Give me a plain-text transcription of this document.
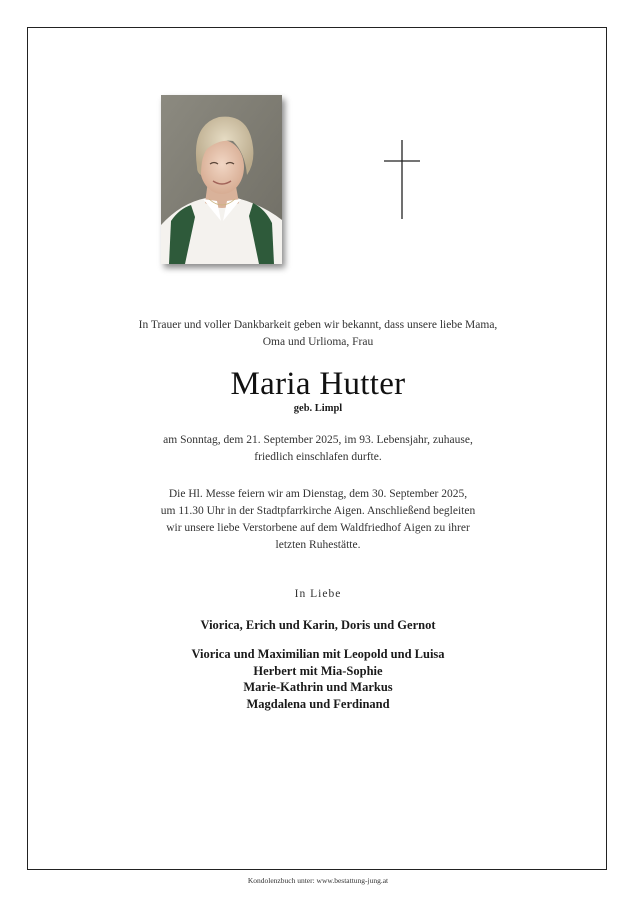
In Trauer und voller Dankbarkeit geben wir bekannt, dass unsere liebe Mama,
Oma und Urlioma, Frau
Maria Hutter
geb. Limpl
am Sonntag, dem 21. September 2025, im 93. Lebensjahr, zuhause,
friedlich einschlafen durfte.
Die Hl. Messe feiern wir am Dienstag, dem 30. September 2025,
um 11.30 Uhr in der Stadtpfarrkirche Aigen. Anschließend begleiten
wir unsere liebe Verstorbene auf dem Waldfriedhof Aigen zu ihrer
letzten Ruhestätte.
In Liebe
Viorica, Erich und Karin, Doris und Gernot
Viorica und Maximilian mit Leopold und Luisa
Herbert mit Mia-Sophie
Marie-Kathrin und Markus
Magdalena und Ferdinand
Kondolenzbuch unter: www.bestattung-jung.at
